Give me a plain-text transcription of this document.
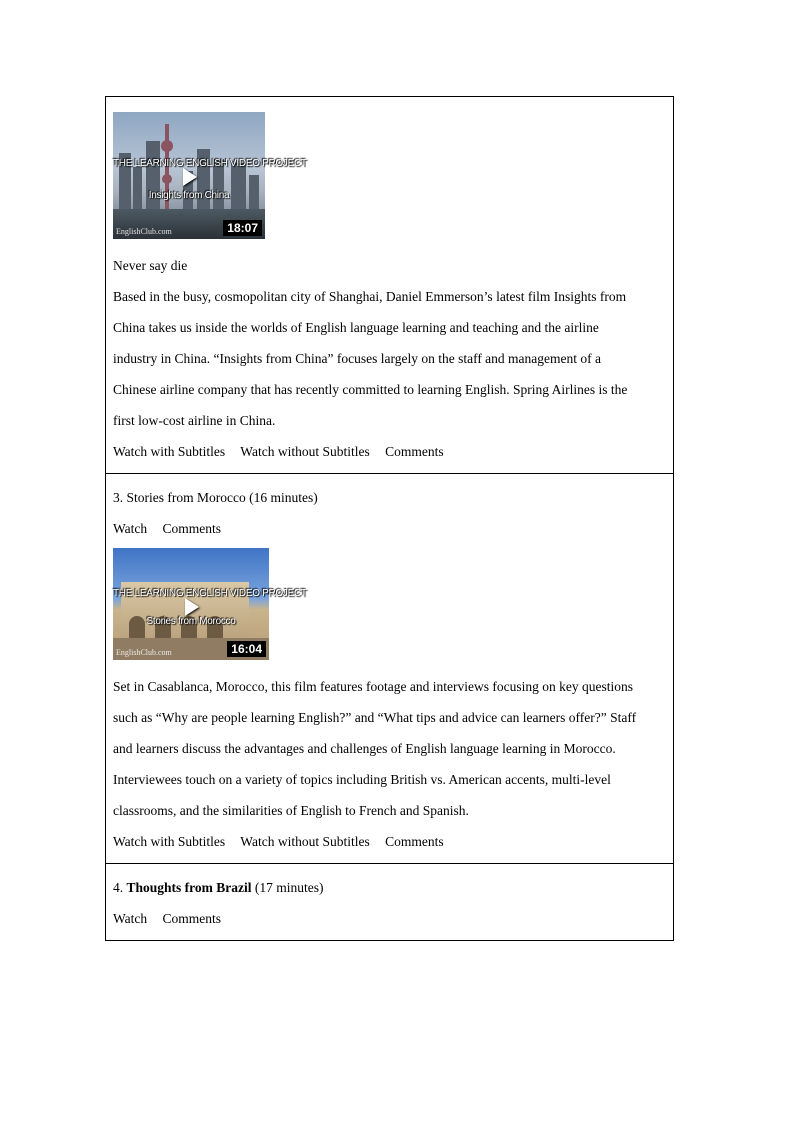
THE LEARNING ENGLISH VIDEO PROJECT
Insights from China
EnglishClub.com	18:07
Never say die
Based in the busy, cosmopolitan city of Shanghai, Daniel Emmerson’s latest film Insights from
China takes us inside the worlds of English language learning and teaching and the airline
industry in China. “Insights from China” focuses largely on the staff and management of a
Chinese airline company that has recently committed to learning English. Spring Airlines is the
first low-cost airline in China.
Watch with Subtitles Watch without Subtitles Comments
3. Stories from Morocco (16 minutes)
Watch Comments
THE LEARNING ENGLISH VIDEO PROJECT
Stories from Morocco
EnglishClub.com	16:04
Set in Casablanca, Morocco, this film features footage and interviews focusing on key questions
such as “Why are people learning English?” and “What tips and advice can learners offer?” Staff
and learners discuss the advantages and challenges of English language learning in Morocco.
Interviewees touch on a variety of topics including British vs. American accents, multi-level
classrooms, and the similarities of English to French and Spanish.
Watch with Subtitles Watch without Subtitles Comments
4. Thoughts from Brazil (17 minutes)
Watch Comments
